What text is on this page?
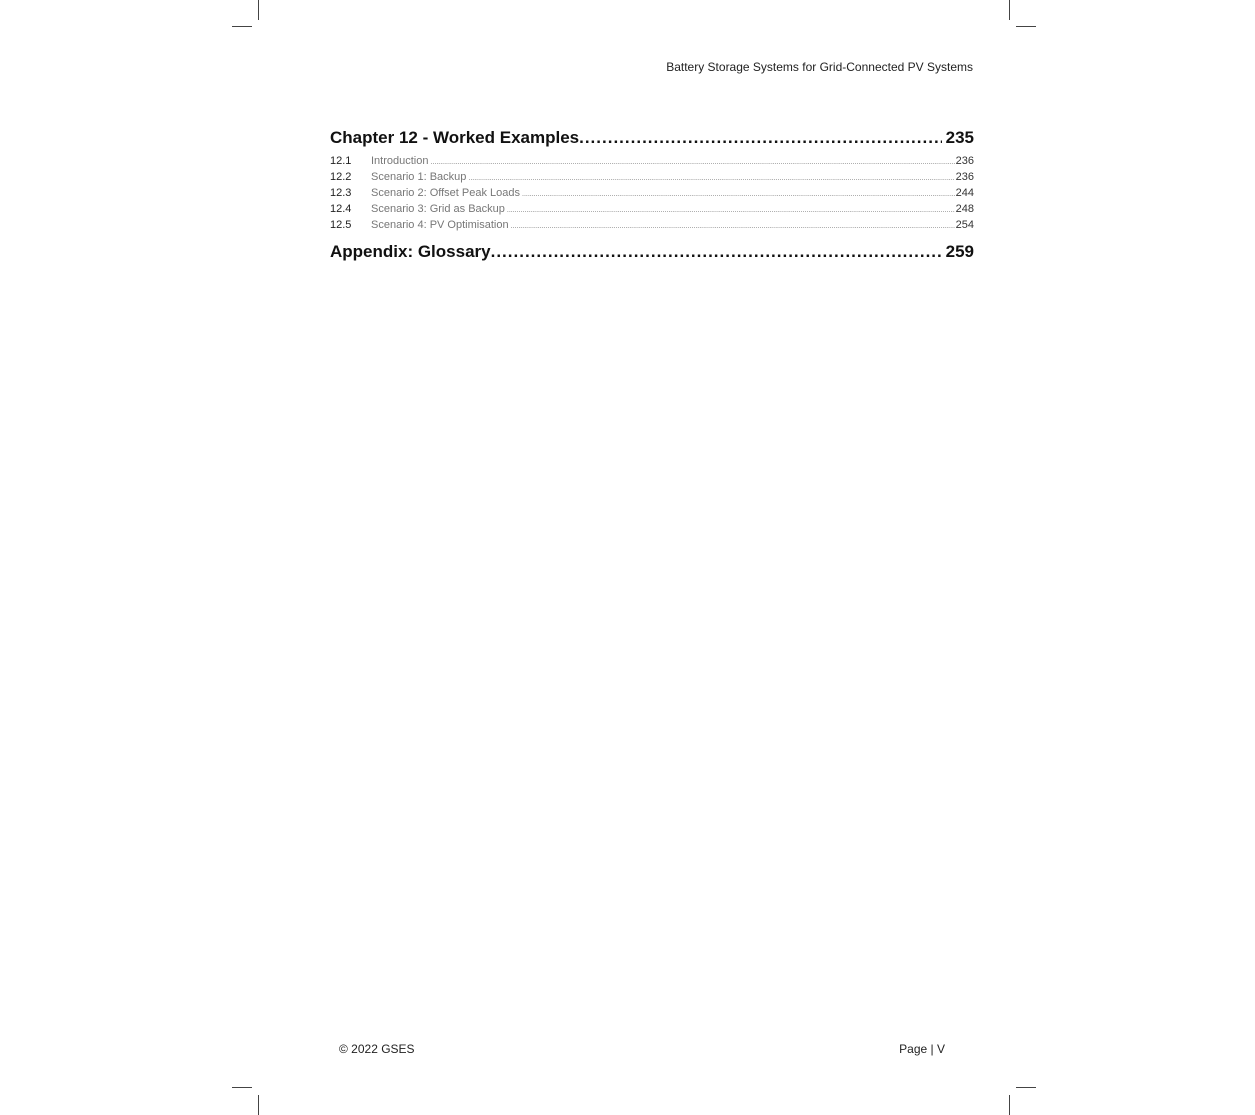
Battery Storage Systems for Grid-Connected PV Systems
Chapter 12 - Worked Examples .....	235
12.1	Introduction .....	236
12.2	Scenario 1: Backup .....	236
12.3	Scenario 2: Offset Peak Loads .....	244
12.4	Scenario 3: Grid as Backup .....	248
12.5	Scenario 4: PV Optimisation .....	254
Appendix: Glossary .....	259
© 2022 GSES	Page | V
